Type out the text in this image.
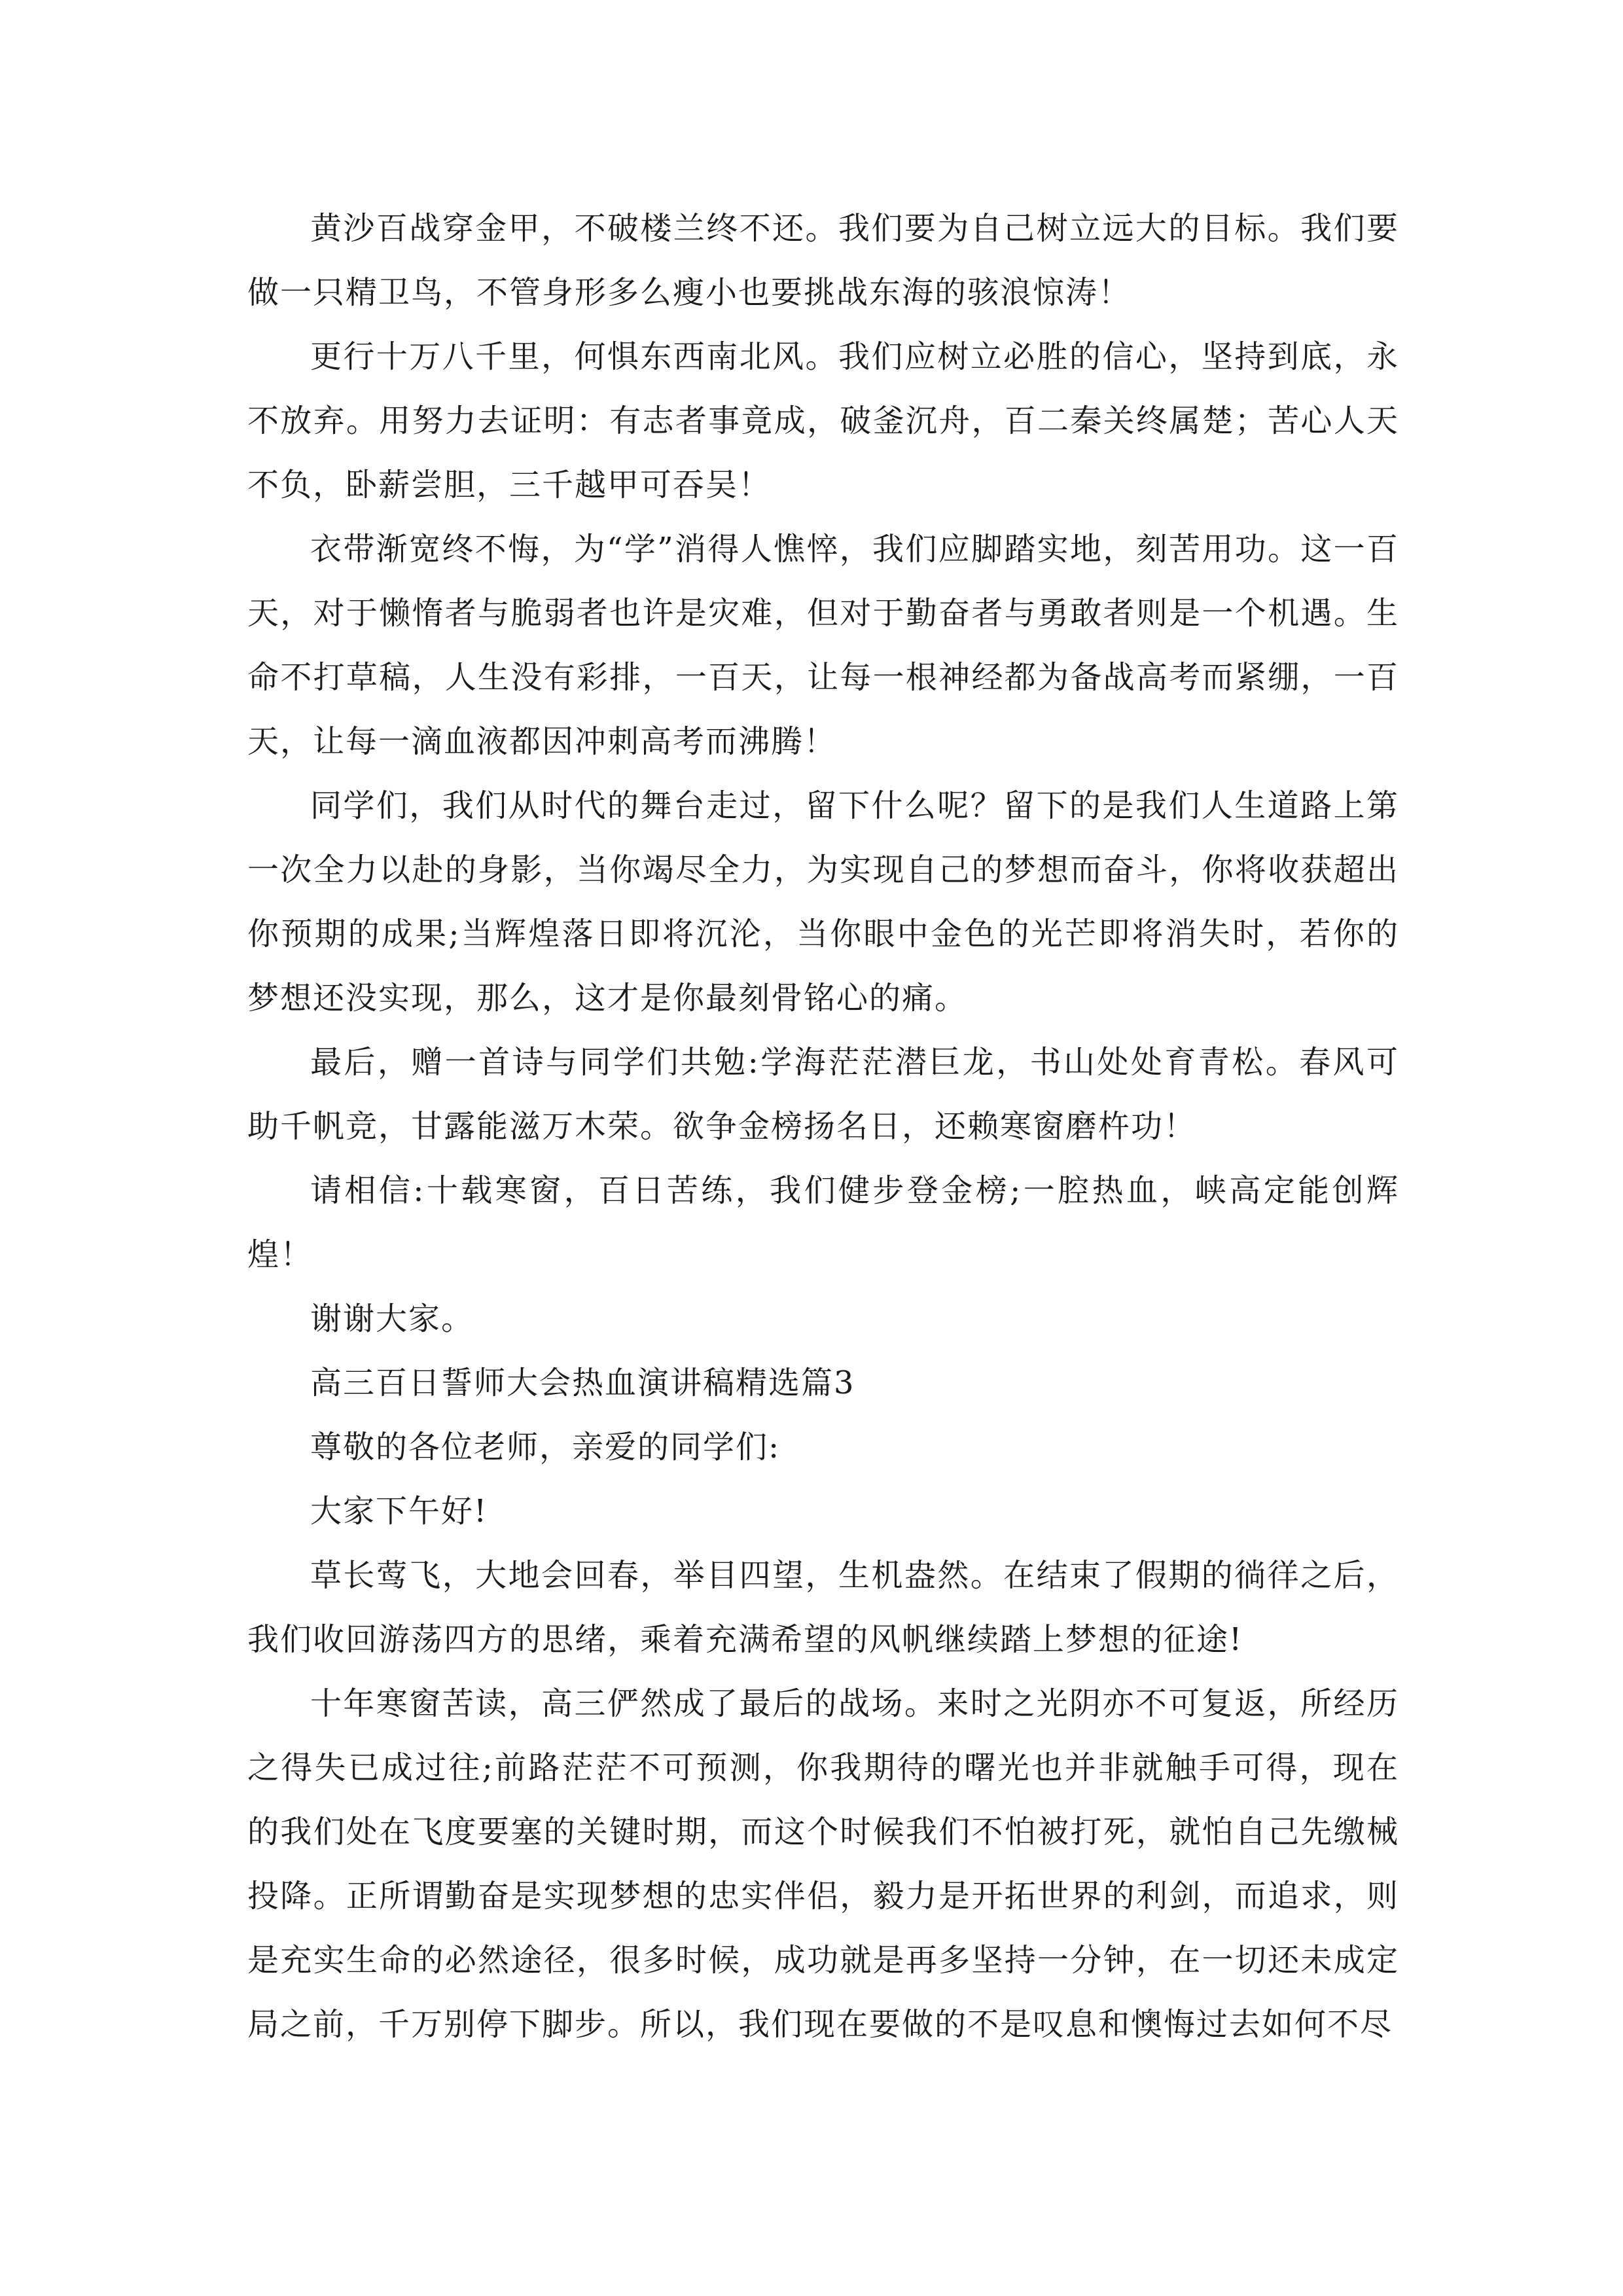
黄沙百战穿金甲，不破楼兰终不还。我们要为自己树立远大的目标。我们要做一只精卫鸟，不管身形多么瘦小也要挑战东海的骇浪惊涛！

更行十万八千里，何惧东西南北风。我们应树立必胜的信心，坚持到底，永不放弃。用努力去证明：有志者事竟成，破釜沉舟，百二秦关终属楚；苦心人天不负，卧薪尝胆，三千越甲可吞吴！

衣带渐宽终不悔，为“学”消得人憔悴，我们应脚踏实地，刻苦用功。这一百天，对于懒惰者与脆弱者也许是灾难，但对于勤奋者与勇敢者则是一个机遇。生命不打草稿，人生没有彩排，一百天，让每一根神经都为备战高考而紧绷，一百天，让每一滴血液都因冲刺高考而沸腾！

同学们，我们从时代的舞台走过，留下什么呢？留下的是我们人生道路上第一次全力以赴的身影，当你竭尽全力，为实现自己的梦想而奋斗，你将收获超出你预期的成果;当辉煌落日即将沉沦，当你眼中金色的光芒即将消失时，若你的梦想还没实现，那么，这才是你最刻骨铭心的痛。

最后，赠一首诗与同学们共勉:学海茫茫潜巨龙，书山处处育青松。春风可助千帆竞，甘露能滋万木荣。欲争金榜扬名日，还赖寒窗磨杵功！

请相信:十载寒窗，百日苦练，我们健步登金榜;一腔热血，峡高定能创辉煌！

谢谢大家。

高三百日誓师大会热血演讲稿精选篇3

尊敬的各位老师，亲爱的同学们:

大家下午好!

草长莺飞，大地会回春，举目四望，生机盎然。在结束了假期的徜徉之后，我们收回游荡四方的思绪，乘着充满希望的风帆继续踏上梦想的征途!

十年寒窗苦读，高三俨然成了最后的战场。来时之光阴亦不可复返，所经历之得失已成过往;前路茫茫不可预测，你我期待的曙光也并非就触手可得，现在的我们处在飞度要塞的关键时期，而这个时候我们不怕被打死，就怕自己先缴械投降。正所谓勤奋是实现梦想的忠实伴侣，毅力是开拓世界的利剑，而追求，则是充实生命的必然途径，很多时候，成功就是再多坚持一分钟，在一切还未成定局之前，千万别停下脚步。所以，我们现在要做的不是叹息和懊悔过去如何不尽
